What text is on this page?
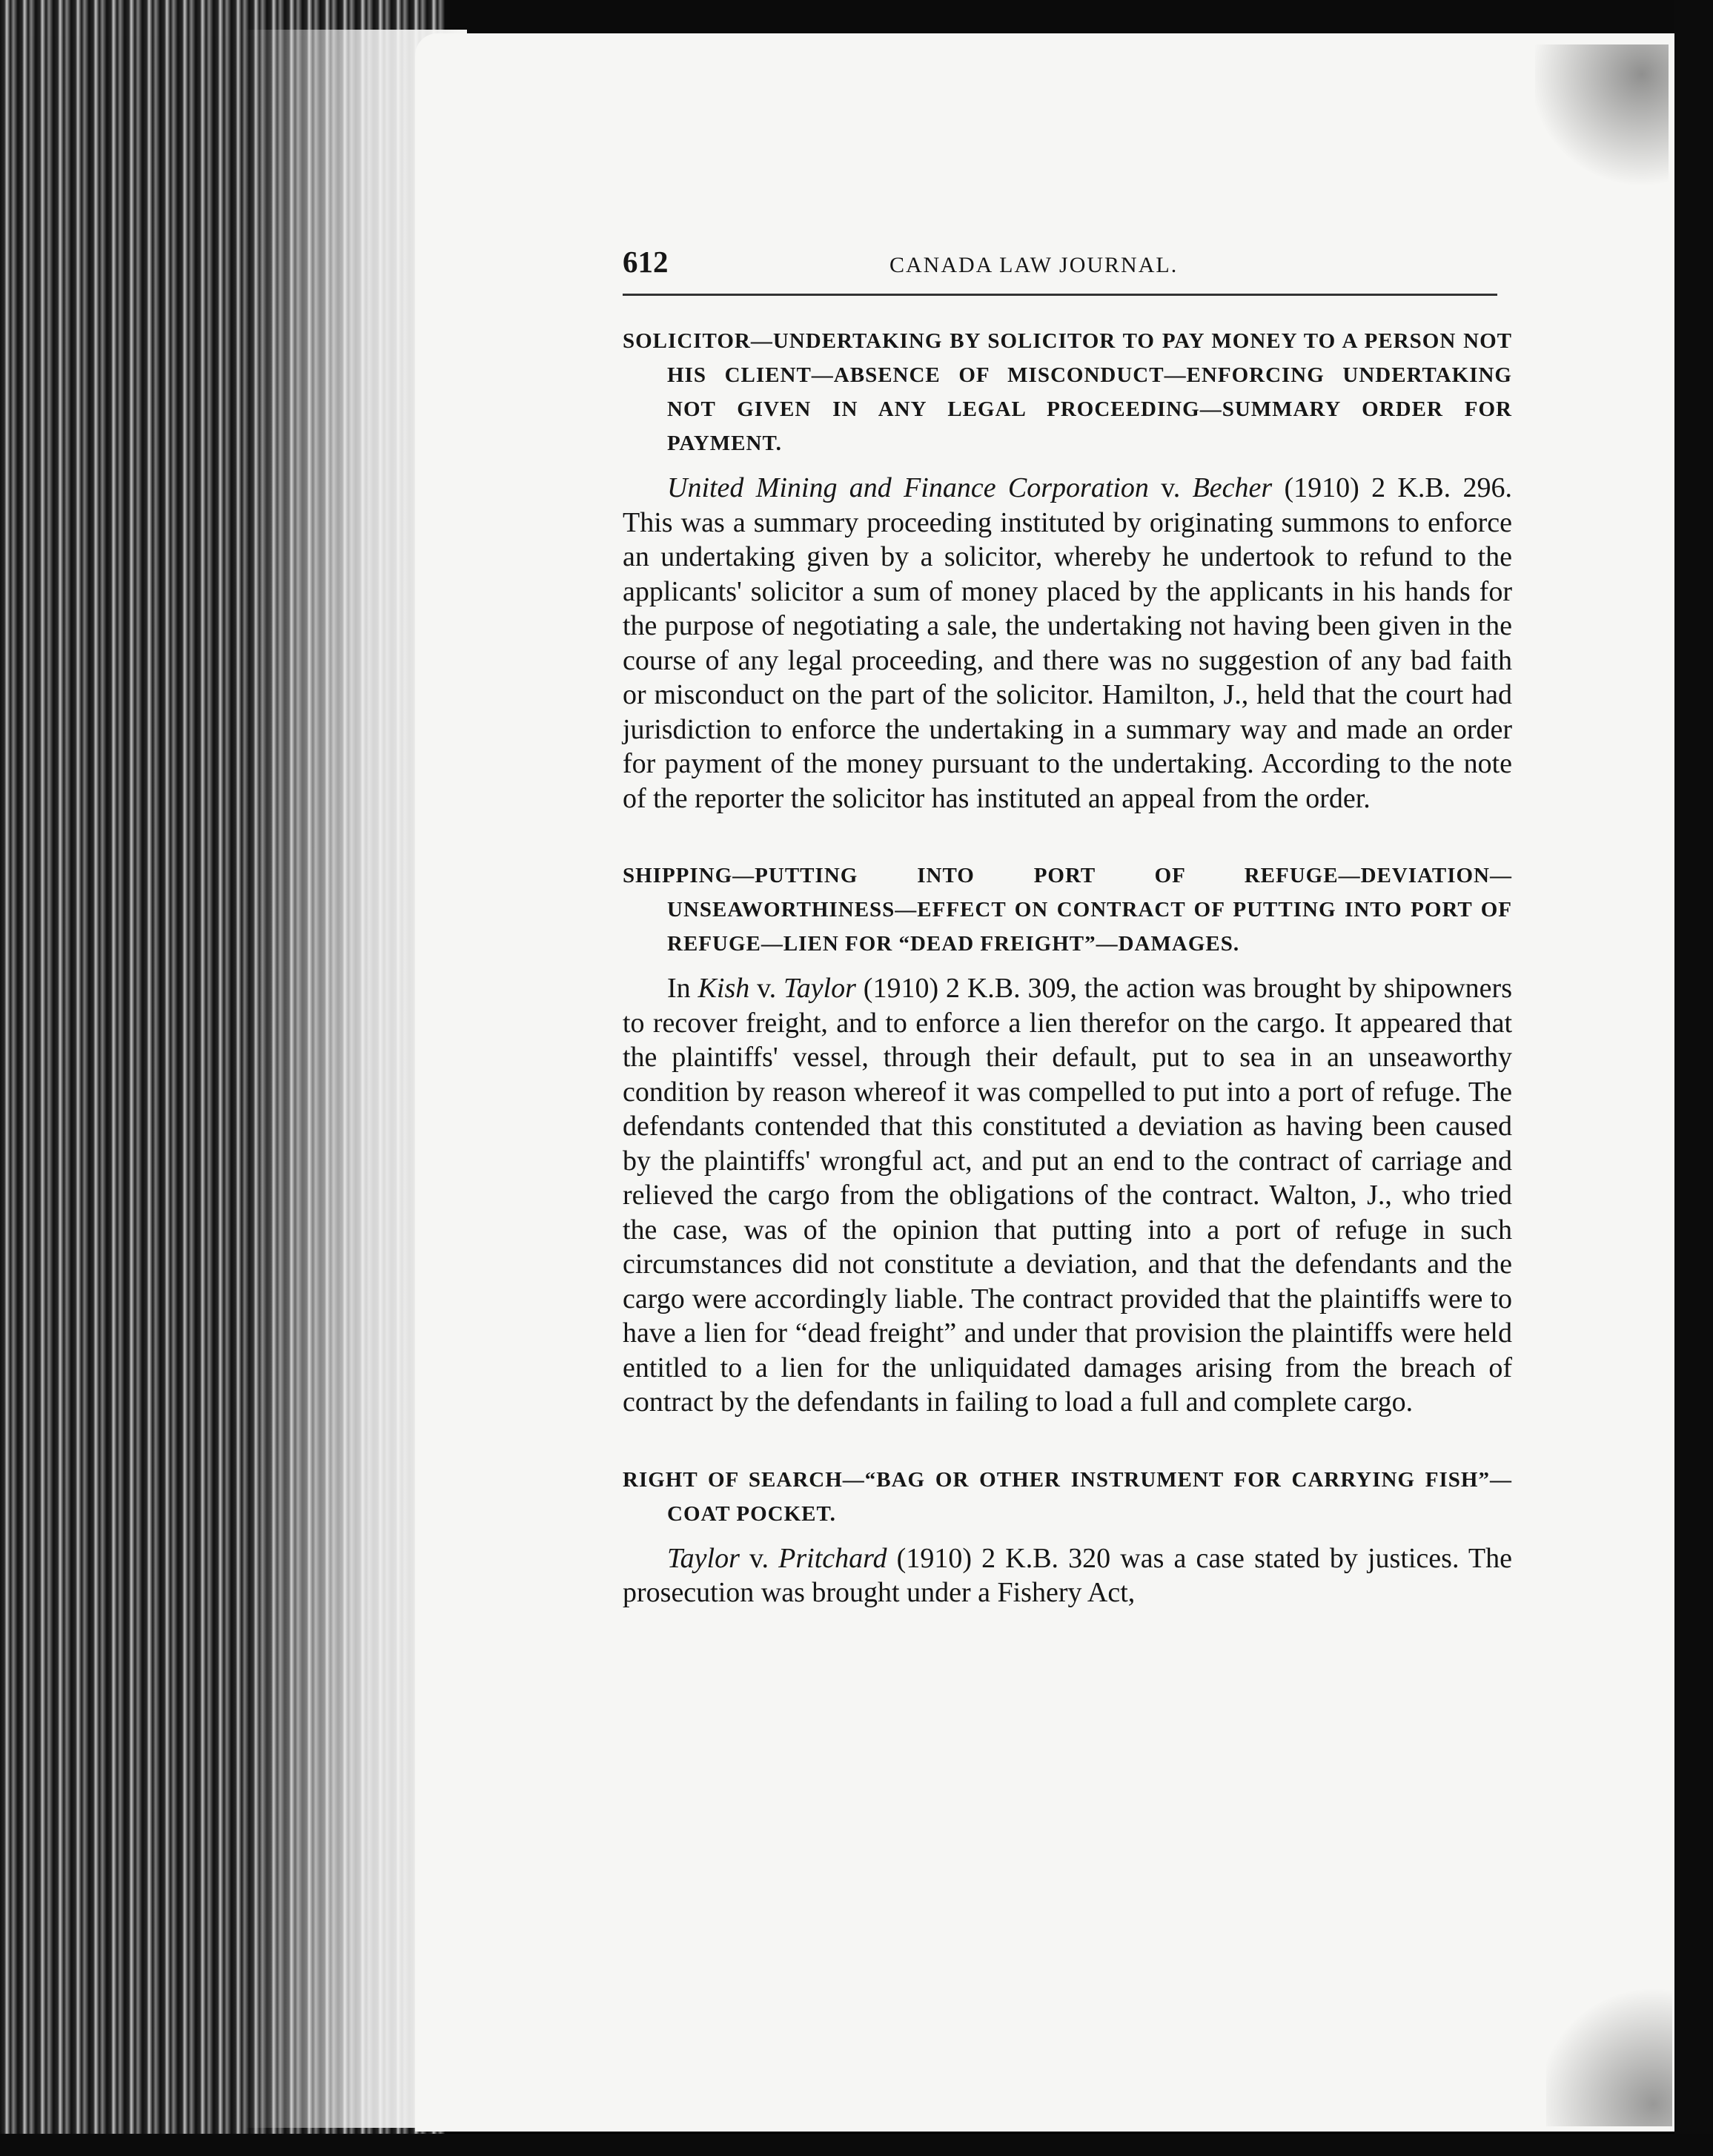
612	CANADA LAW JOURNAL.
SOLICITOR—UNDERTAKING BY SOLICITOR TO PAY MONEY TO A PERSON NOT HIS CLIENT—ABSENCE OF MISCONDUCT—ENFORCING UNDERTAKING NOT GIVEN IN ANY LEGAL PROCEEDING—SUMMARY ORDER FOR PAYMENT.

United Mining and Finance Corporation v. Becher (1910) 2 K.B. 296. This was a summary proceeding instituted by originating summons to enforce an undertaking given by a solicitor, whereby he undertook to refund to the applicants' solicitor a sum of money placed by the applicants in his hands for the purpose of negotiating a sale, the undertaking not having been given in the course of any legal proceeding, and there was no suggestion of any bad faith or misconduct on the part of the solicitor. Hamilton, J., held that the court had jurisdiction to enforce the undertaking in a summary way and made an order for payment of the money pursuant to the undertaking. According to the note of the reporter the solicitor has instituted an appeal from the order.

SHIPPING—PUTTING INTO PORT OF REFUGE—DEVIATION—UNSEAWORTHINESS—EFFECT ON CONTRACT OF PUTTING INTO PORT OF REFUGE—LIEN FOR “DEAD FREIGHT”—DAMAGES.

In Kish v. Taylor (1910) 2 K.B. 309, the action was brought by shipowners to recover freight, and to enforce a lien therefor on the cargo. It appeared that the plaintiffs' vessel, through their default, put to sea in an unseaworthy condition by reason whereof it was compelled to put into a port of refuge. The defendants contended that this constituted a deviation as having been caused by the plaintiffs' wrongful act, and put an end to the contract of carriage and relieved the cargo from the obligations of the contract. Walton, J., who tried the case, was of the opinion that putting into a port of refuge in such circumstances did not constitute a deviation, and that the defendants and the cargo were accordingly liable. The contract provided that the plaintiffs were to have a lien for “dead freight” and under that provision the plaintiffs were held entitled to a lien for the unliquidated damages arising from the breach of contract by the defendants in failing to load a full and complete cargo.

RIGHT OF SEARCH—“BAG OR OTHER INSTRUMENT FOR CARRYING FISH”—COAT POCKET.

Taylor v. Pritchard (1910) 2 K.B. 320 was a case stated by justices. The prosecution was brought under a Fishery Act,
